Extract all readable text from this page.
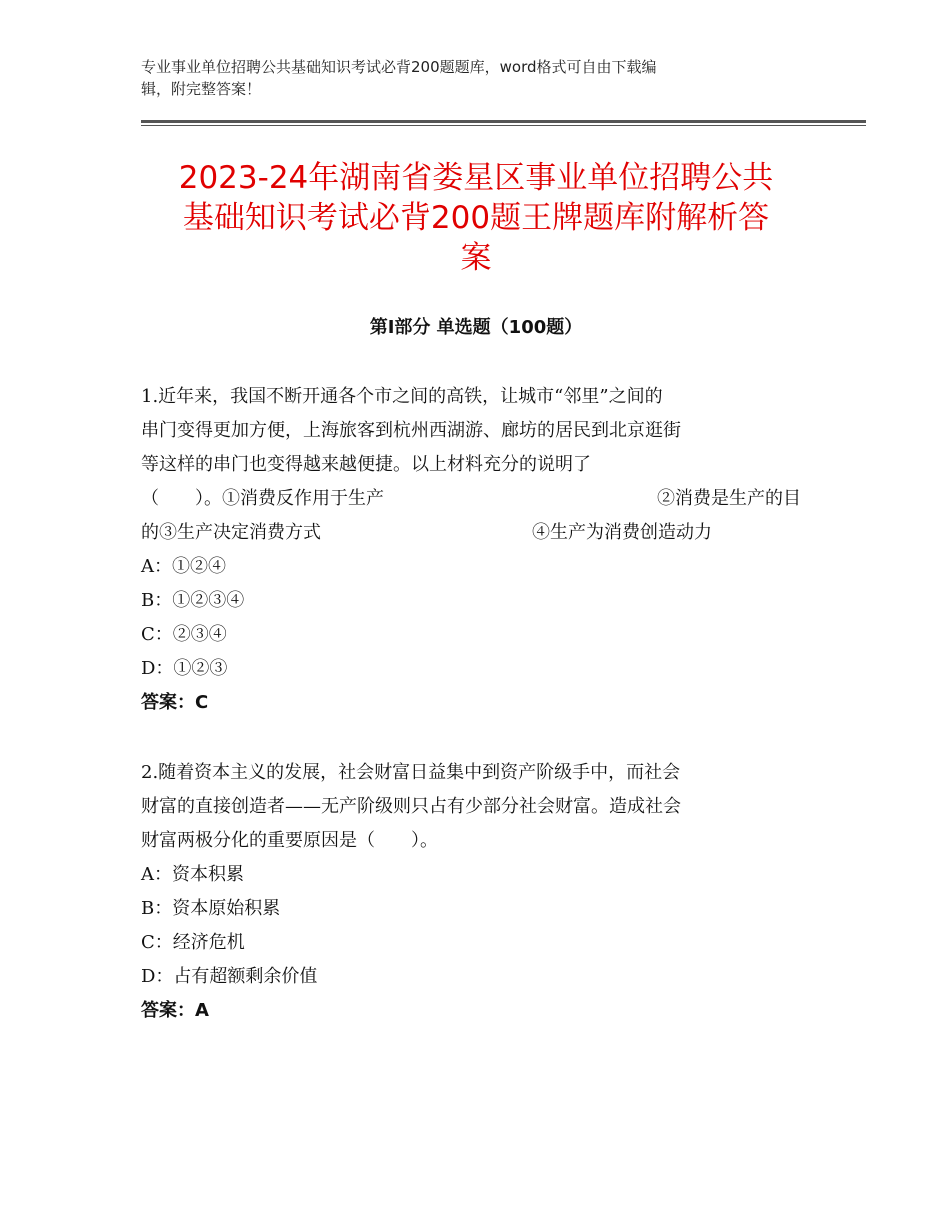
专业事业单位招聘公共基础知识考试必背200题题库，word格式可自由下载编
辑，附完整答案！
2023-24年湖南省娄星区事业单位招聘公共
基础知识考试必背200题王牌题库附解析答
案
第Ⅰ部分 单选题（100题）
1.近年来，我国不断开通各个市之间的高铁，让城市“邻里”之间的
串门变得更加方便，上海旅客到杭州西湖游、廊坊的居民到北京逛街
等这样的串门也变得越来越便捷。以上材料充分的说明了
（　　）。①消费反作用于生产	②消费是生产的目
的③生产决定消费方式	④生产为消费创造动力
A：①②④
B：①②③④
C：②③④
D：①②③
答案：C
2.随着资本主义的发展，社会财富日益集中到资产阶级手中，而社会
财富的直接创造者——无产阶级则只占有少部分社会财富。造成社会
财富两极分化的重要原因是（　　）。
A：资本积累
B：资本原始积累
C：经济危机
D：占有超额剩余价值
答案：A
